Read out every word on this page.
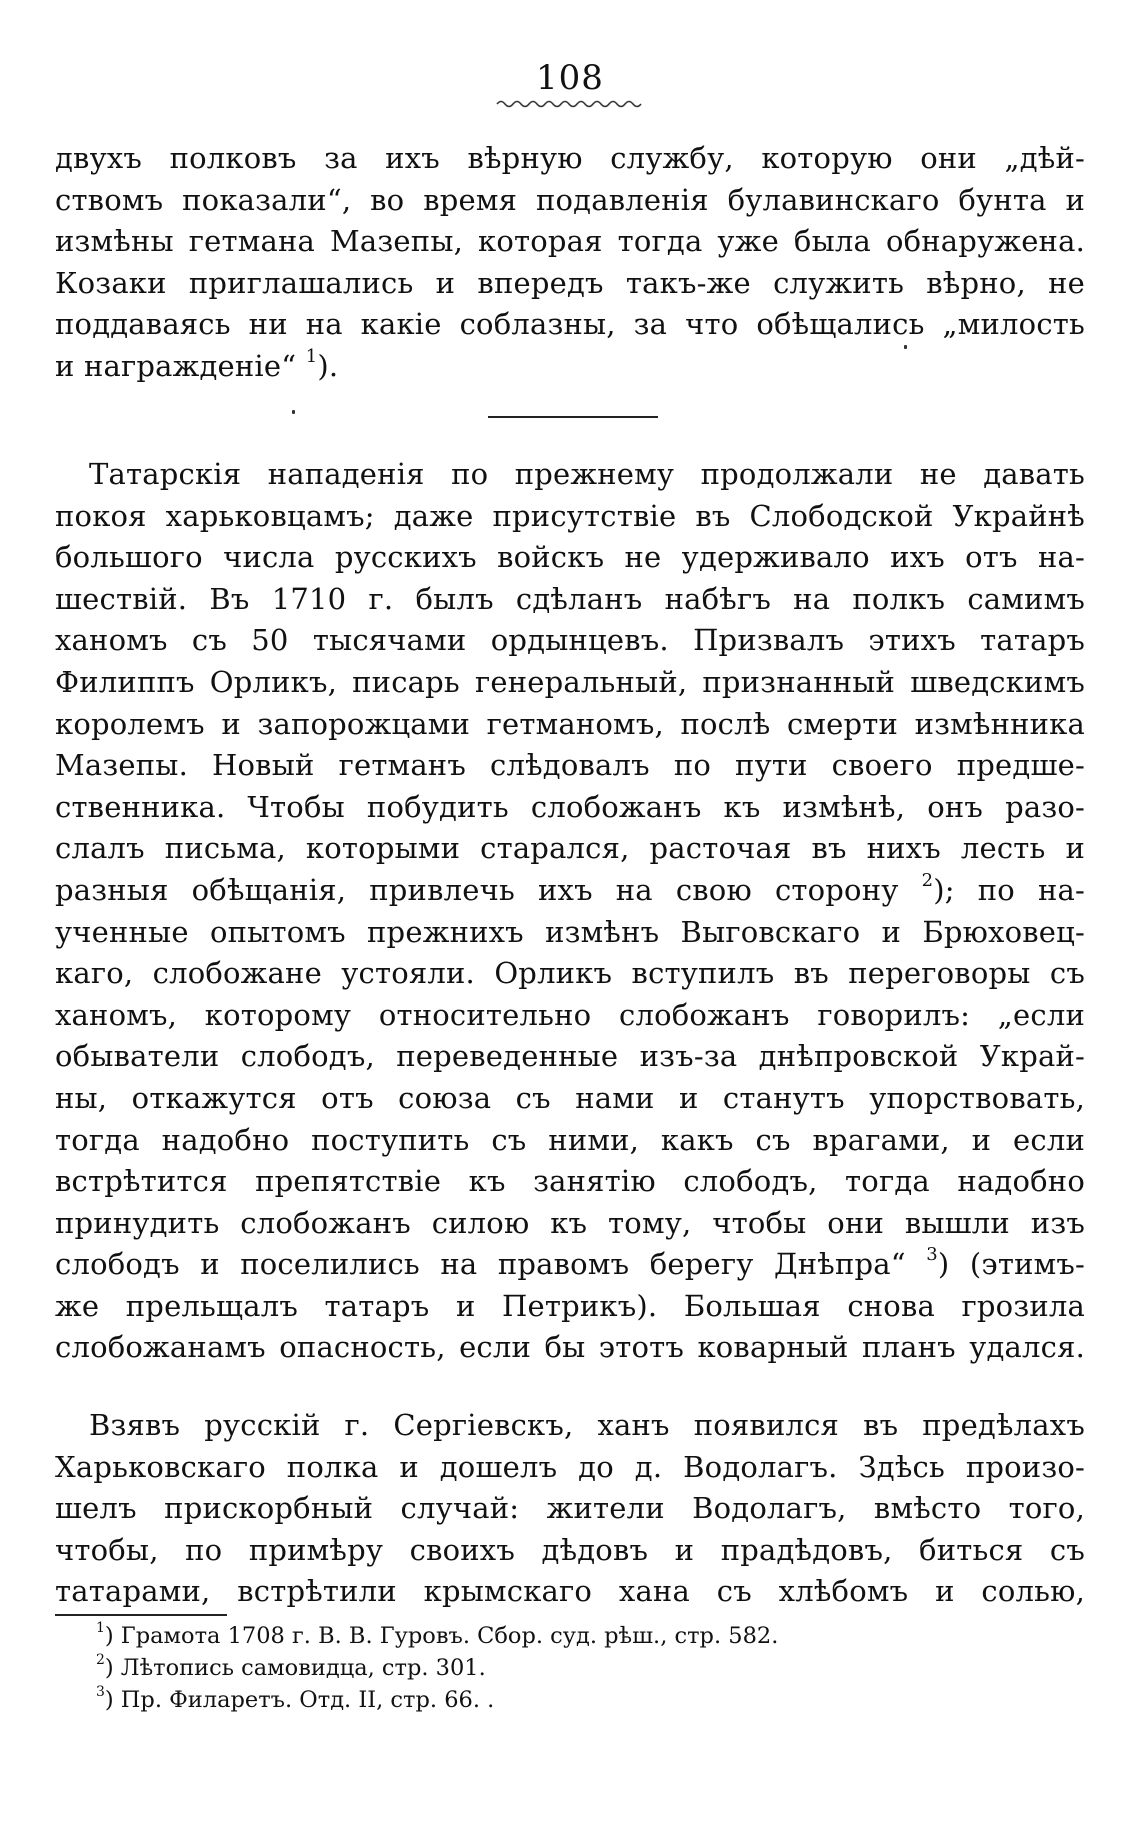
108
двухъ полковъ за ихъ вѣрную службу, которую они „дѣй-
ствомъ показали“, во время подавленія булавинскаго бунта и
измѣны гетмана Мазепы, которая тогда уже была обнаружена.
Козаки приглашались и впередъ такъ-же служить вѣрно, не
поддаваясь ни на какіе соблазны, за что обѣщались „милость
и награжденіе“ $^1$).
Татарскія нападенія по прежнему продолжали не давать
покоя харьковцамъ; даже присутствіе въ Слободской Украйнѣ
большого числа русскихъ войскъ не удерживало ихъ отъ на-
шествій. Въ 1710 г. былъ сдѣланъ набѣгъ на полкъ самимъ
ханомъ съ 50 тысячами ордынцевъ. Призвалъ этихъ татаръ
Филиппъ Орликъ, писарь генеральный, признанный шведскимъ
королемъ и запорожцами гетманомъ, послѣ смерти измѣнника
Мазепы. Новый гетманъ слѣдовалъ по пути своего предше-
ственника. Чтобы побудить слобожанъ къ измѣнѣ, онъ разо-
слалъ письма, которыми старался, расточая въ нихъ лесть и
разныя обѣщанія, привлечь ихъ на свою сторону $^2$); по на-
ученные опытомъ прежнихъ измѣнъ Выговскаго и Брюховец-
каго, слобожане устояли. Орликъ вступилъ въ переговоры съ
ханомъ, которому относительно слобожанъ говорилъ: „если
обыватели слободъ, переведенные изъ-за днѣпровской Украй-
ны, откажутся отъ союза съ нами и станутъ упорствовать,
тогда надобно поступить съ ними, какъ съ врагами, и если
встрѣтится препятствіе къ занятію слободъ, тогда надобно
принудить слобожанъ силою къ тому, чтобы они вышли изъ
слободъ и поселились на правомъ берегу Днѣпра“ $^3$) (этимъ-
же прельщалъ татаръ и Петрикъ). Большая снова грозила
слобожанамъ опасность, если бы этотъ коварный планъ удался.
Взявъ русскій г. Сергіевскъ, ханъ появился въ предѣлахъ
Харьковскаго полка и дошелъ до д. Водолагъ. Здѣсь произо-
шелъ прискорбный случай: жители Водолагъ, вмѣсто того,
чтобы, по примѣру своихъ дѣдовъ и прадѣдовъ, биться съ
татарами, встрѣтили крымскаго хана съ хлѣбомъ и солью,
$^1$) Грамота 1708 г. В. В. Гуровъ. Сбор. суд. рѣш., стр. 582.
$^2$) Лѣтопись самовидца, стр. 301.
$^3$) Пр. Филаретъ. Отд. II, стр. 66. .
